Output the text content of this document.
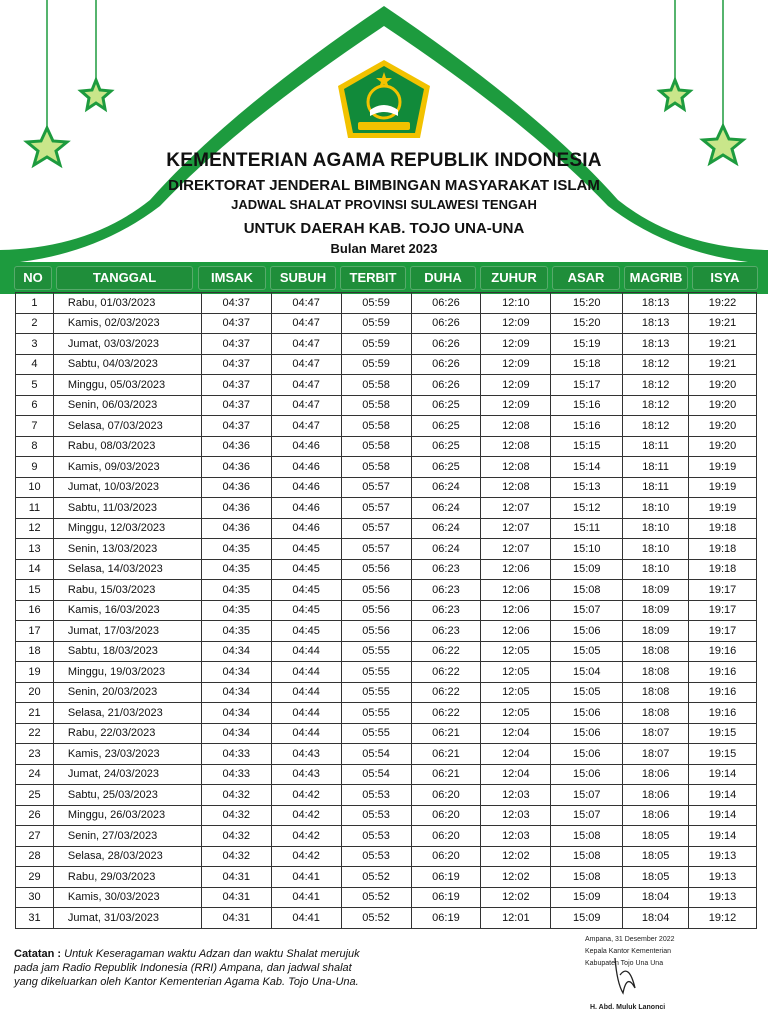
KEMENTERIAN AGAMA REPUBLIK INDONESIA
DIREKTORAT JENDERAL BIMBINGAN MASYARAKAT ISLAM
JADWAL SHALAT PROVINSI SULAWESI TENGAH
UNTUK DAERAH KAB. TOJO UNA-UNA
Bulan Maret 2023
NO	TANGGAL	IMSAK	SUBUH	TERBIT	DUHA	ZUHUR	ASAR	MAGRIB	ISYA
1	Rabu, 01/03/2023	04:37	04:47	05:59	06:26	12:10	15:20	18:13	19:22
2	Kamis, 02/03/2023	04:37	04:47	05:59	06:26	12:09	15:20	18:13	19:21
3	Jumat, 03/03/2023	04:37	04:47	05:59	06:26	12:09	15:19	18:13	19:21
4	Sabtu, 04/03/2023	04:37	04:47	05:59	06:26	12:09	15:18	18:12	19:21
5	Minggu, 05/03/2023	04:37	04:47	05:58	06:26	12:09	15:17	18:12	19:20
6	Senin, 06/03/2023	04:37	04:47	05:58	06:25	12:09	15:16	18:12	19:20
7	Selasa, 07/03/2023	04:37	04:47	05:58	06:25	12:08	15:16	18:12	19:20
8	Rabu, 08/03/2023	04:36	04:46	05:58	06:25	12:08	15:15	18:11	19:20
9	Kamis, 09/03/2023	04:36	04:46	05:58	06:25	12:08	15:14	18:11	19:19
10	Jumat, 10/03/2023	04:36	04:46	05:57	06:24	12:08	15:13	18:11	19:19
11	Sabtu, 11/03/2023	04:36	04:46	05:57	06:24	12:07	15:12	18:10	19:19
12	Minggu, 12/03/2023	04:36	04:46	05:57	06:24	12:07	15:11	18:10	19:18
13	Senin, 13/03/2023	04:35	04:45	05:57	06:24	12:07	15:10	18:10	19:18
14	Selasa, 14/03/2023	04:35	04:45	05:56	06:23	12:06	15:09	18:10	19:18
15	Rabu, 15/03/2023	04:35	04:45	05:56	06:23	12:06	15:08	18:09	19:17
16	Kamis, 16/03/2023	04:35	04:45	05:56	06:23	12:06	15:07	18:09	19:17
17	Jumat, 17/03/2023	04:35	04:45	05:56	06:23	12:06	15:06	18:09	19:17
18	Sabtu, 18/03/2023	04:34	04:44	05:55	06:22	12:05	15:05	18:08	19:16
19	Minggu, 19/03/2023	04:34	04:44	05:55	06:22	12:05	15:04	18:08	19:16
20	Senin, 20/03/2023	04:34	04:44	05:55	06:22	12:05	15:05	18:08	19:16
21	Selasa, 21/03/2023	04:34	04:44	05:55	06:22	12:05	15:06	18:08	19:16
22	Rabu, 22/03/2023	04:34	04:44	05:55	06:21	12:04	15:06	18:07	19:15
23	Kamis, 23/03/2023	04:33	04:43	05:54	06:21	12:04	15:06	18:07	19:15
24	Jumat, 24/03/2023	04:33	04:43	05:54	06:21	12:04	15:06	18:06	19:14
25	Sabtu, 25/03/2023	04:32	04:42	05:53	06:20	12:03	15:07	18:06	19:14
26	Minggu, 26/03/2023	04:32	04:42	05:53	06:20	12:03	15:07	18:06	19:14
27	Senin, 27/03/2023	04:32	04:42	05:53	06:20	12:03	15:08	18:05	19:14
28	Selasa, 28/03/2023	04:32	04:42	05:53	06:20	12:02	15:08	18:05	19:13
29	Rabu, 29/03/2023	04:31	04:41	05:52	06:19	12:02	15:08	18:05	19:13
30	Kamis, 30/03/2023	04:31	04:41	05:52	06:19	12:02	15:09	18:04	19:13
31	Jumat, 31/03/2023	04:31	04:41	05:52	06:19	12:01	15:09	18:04	19:12
Catatan : Untuk Keseragaman waktu Adzan dan waktu Shalat merujuk pada jam Radio Republik Indonesia (RRI) Ampana, dan jadwal shalat yang dikeluarkan oleh Kantor Kementerian Agama Kab. Tojo Una-Una.
Ampana, 31 Desember 2022
Kepala Kantor Kementerian
Kabupaten Tojo Una Una
H. Abd. Muluk Lanonci
